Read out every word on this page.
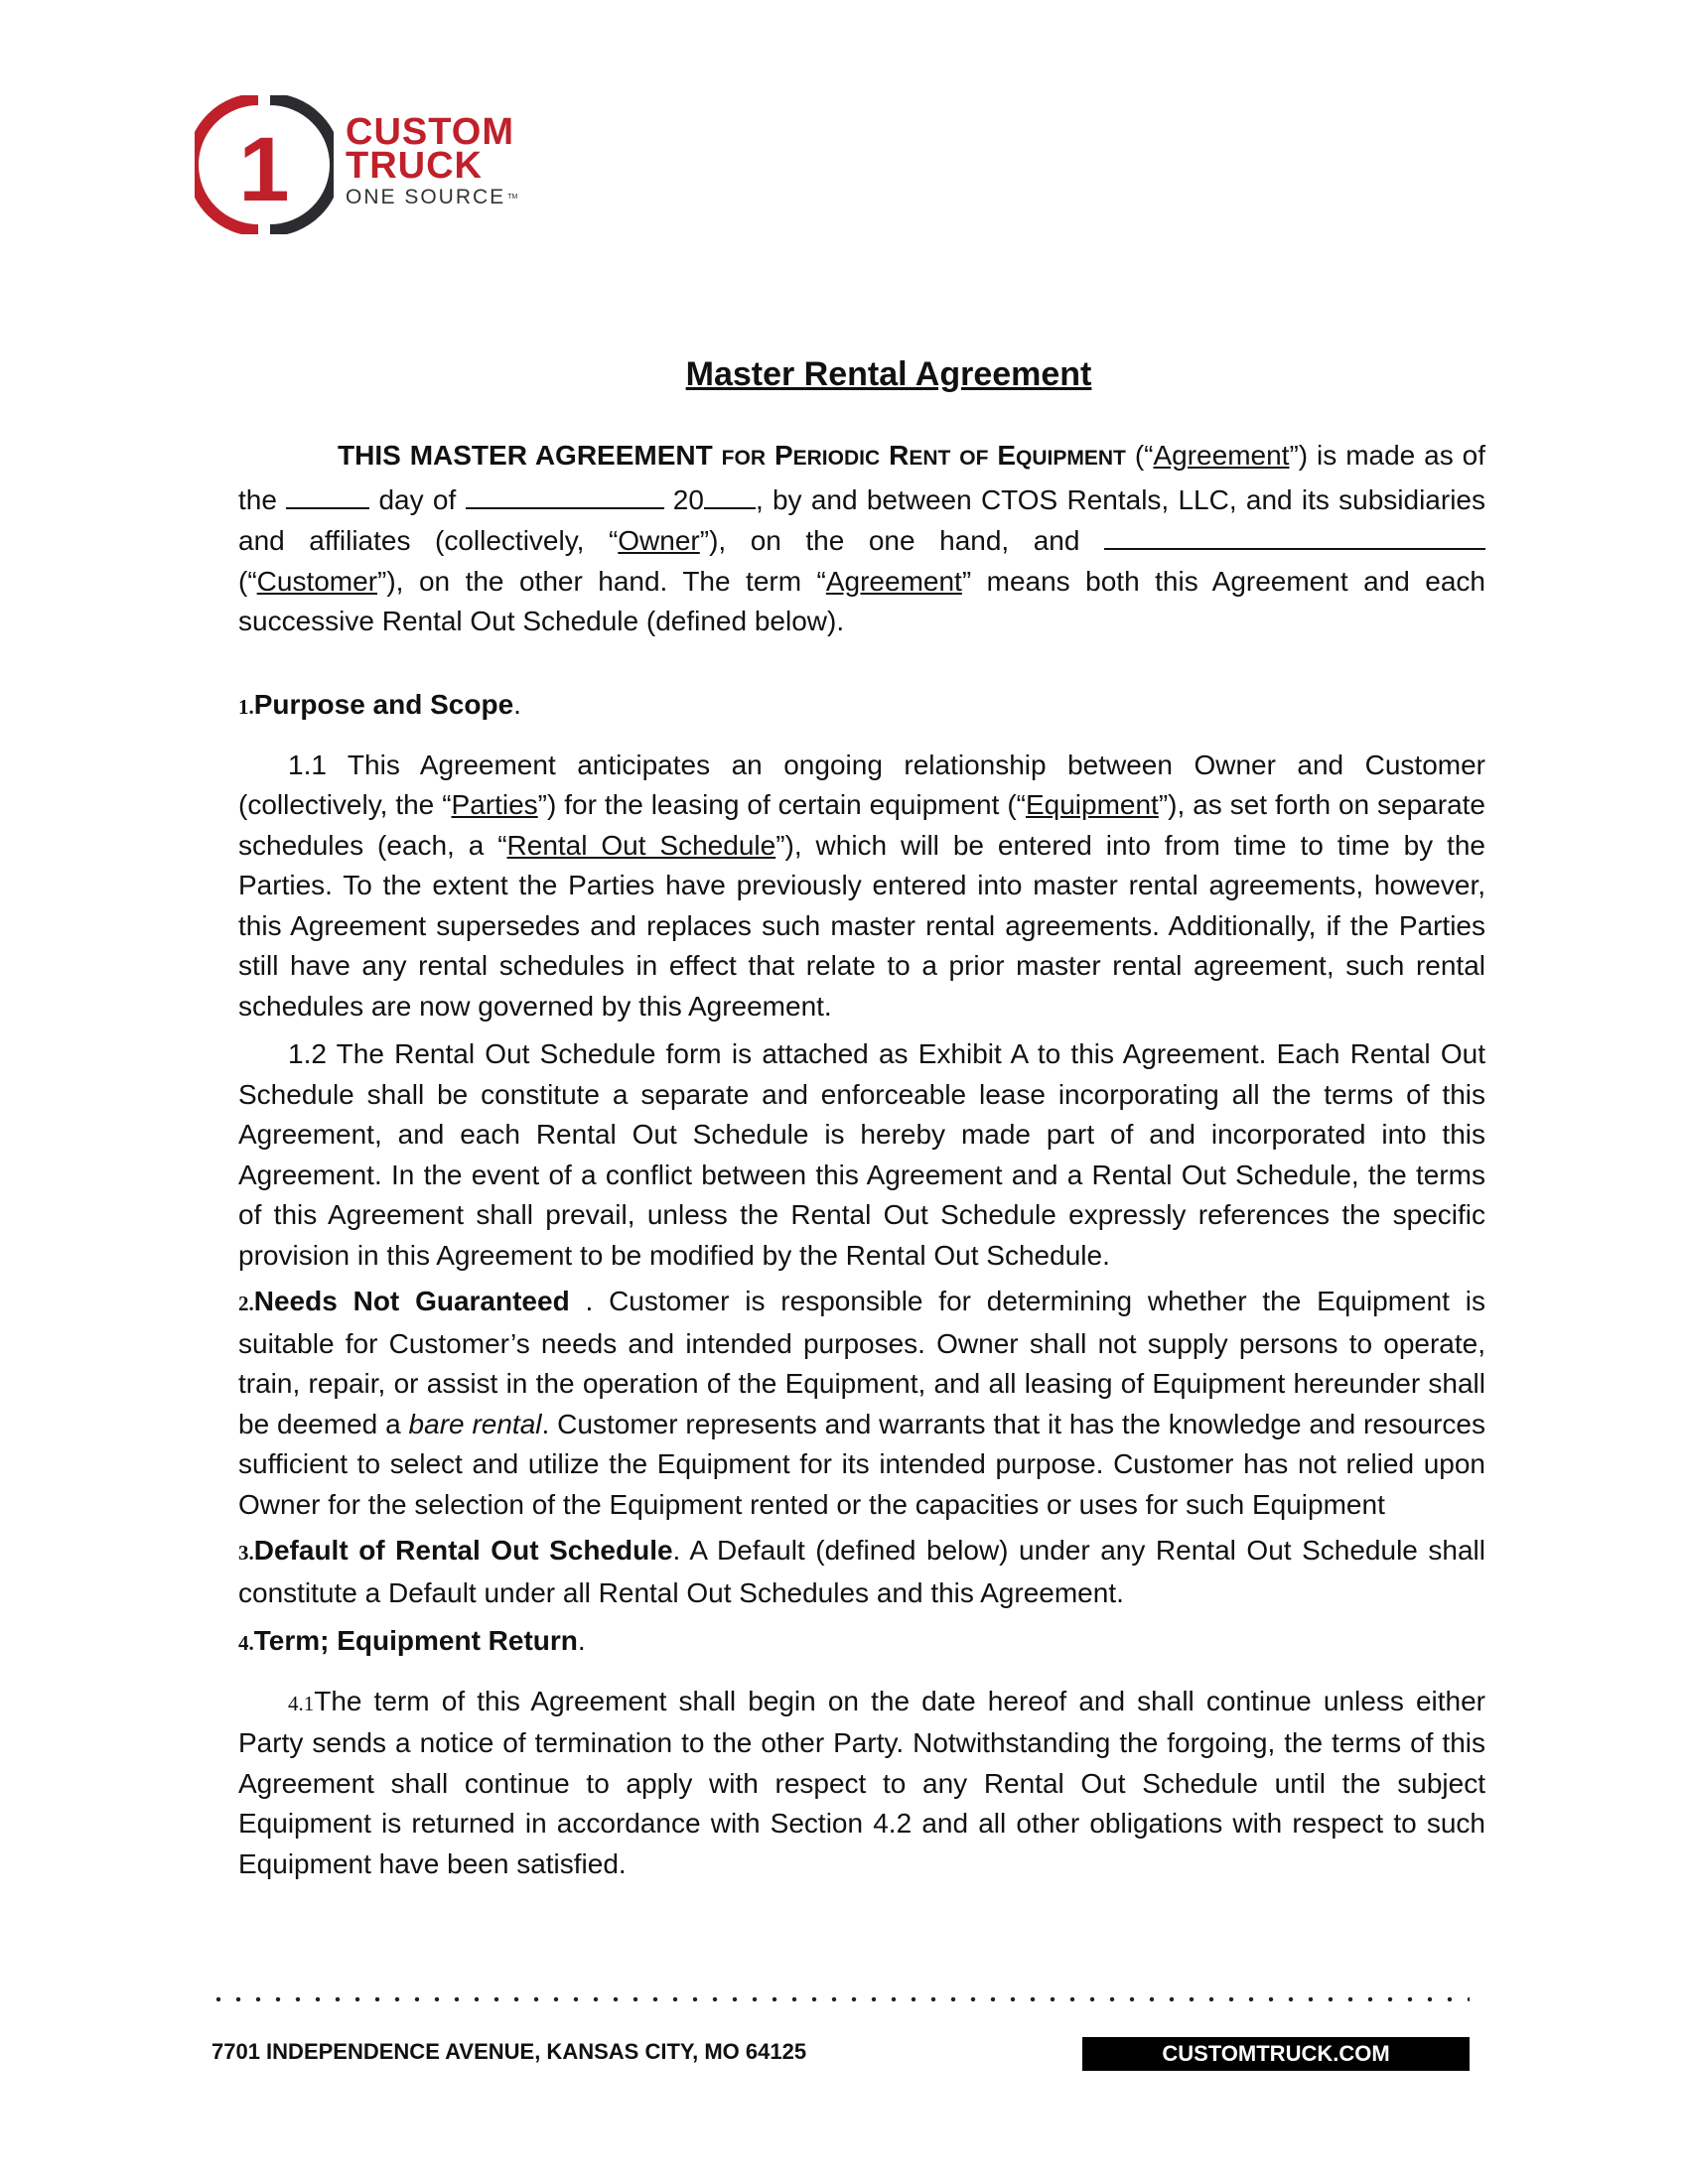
1 CUSTOM
TRUCK
ONE SOURCE ™
Master Rental Agreement

THIS MASTER AGREEMENT FOR PERIODIC RENT OF EQUIPMENT (“Agreement”) is made as of the	day of	20 , by and between CTOS Rentals, LLC, and its subsidiaries and affiliates (collectively, “Owner”), on the one hand, and  (“Customer”), on the other hand. The term “Agreement” means both this Agreement and each successive Rental Out Schedule (defined below).

1.Purpose and Scope.

1.1 This Agreement anticipates an ongoing relationship between Owner and Customer (collectively, the “Parties”) for the leasing of certain equipment (“Equipment”), as set forth on separate schedules (each, a “Rental Out Schedule”), which will be entered into from time to time by the Parties. To the extent the Parties have previously entered into master rental agreements, however, this Agreement supersedes and replaces such master rental agreements. Additionally, if the Parties still have any rental schedules in effect that relate to a prior master rental agreement, such rental schedules are now governed by this Agreement.

1.2 The Rental Out Schedule form is attached as Exhibit A to this Agreement. Each Rental Out Schedule shall be constitute a separate and enforceable lease incorporating all the terms of this Agreement, and each Rental Out Schedule is hereby made part of and incorporated into this Agreement. In the event of a conflict between this Agreement and a Rental Out Schedule, the terms of this Agreement shall prevail, unless the Rental Out Schedule expressly references the specific provision in this Agreement to be modified by the Rental Out Schedule.

2.Needs Not Guaranteed . Customer is responsible for determining whether the Equipment is suitable for Customer’s needs and intended purposes. Owner shall not supply persons to operate, train, repair, or assist in the operation of the Equipment, and all leasing of Equipment hereunder shall be deemed a bare rental. Customer represents and warrants that it has the knowledge and resources sufficient to select and utilize the Equipment for its intended purpose. Customer has not relied upon Owner for the selection of the Equipment rented or the capacities or uses for such Equipment

3.Default of Rental Out Schedule. A Default (defined below) under any Rental Out Schedule shall constitute a Default under all Rental Out Schedules and this Agreement.

4.Term; Equipment Return.

4.1The term of this Agreement shall begin on the date hereof and shall continue unless either Party sends a notice of termination to the other Party. Notwithstanding the forgoing, the terms of this Agreement shall continue to apply with respect to any Rental Out Schedule until the subject Equipment is returned in accordance with Section 4.2 and all other obligations with respect to such Equipment have been satisfied.

7701 INDEPENDENCE AVENUE, KANSAS CITY, MO 64125	CUSTOMTRUCK.COM
